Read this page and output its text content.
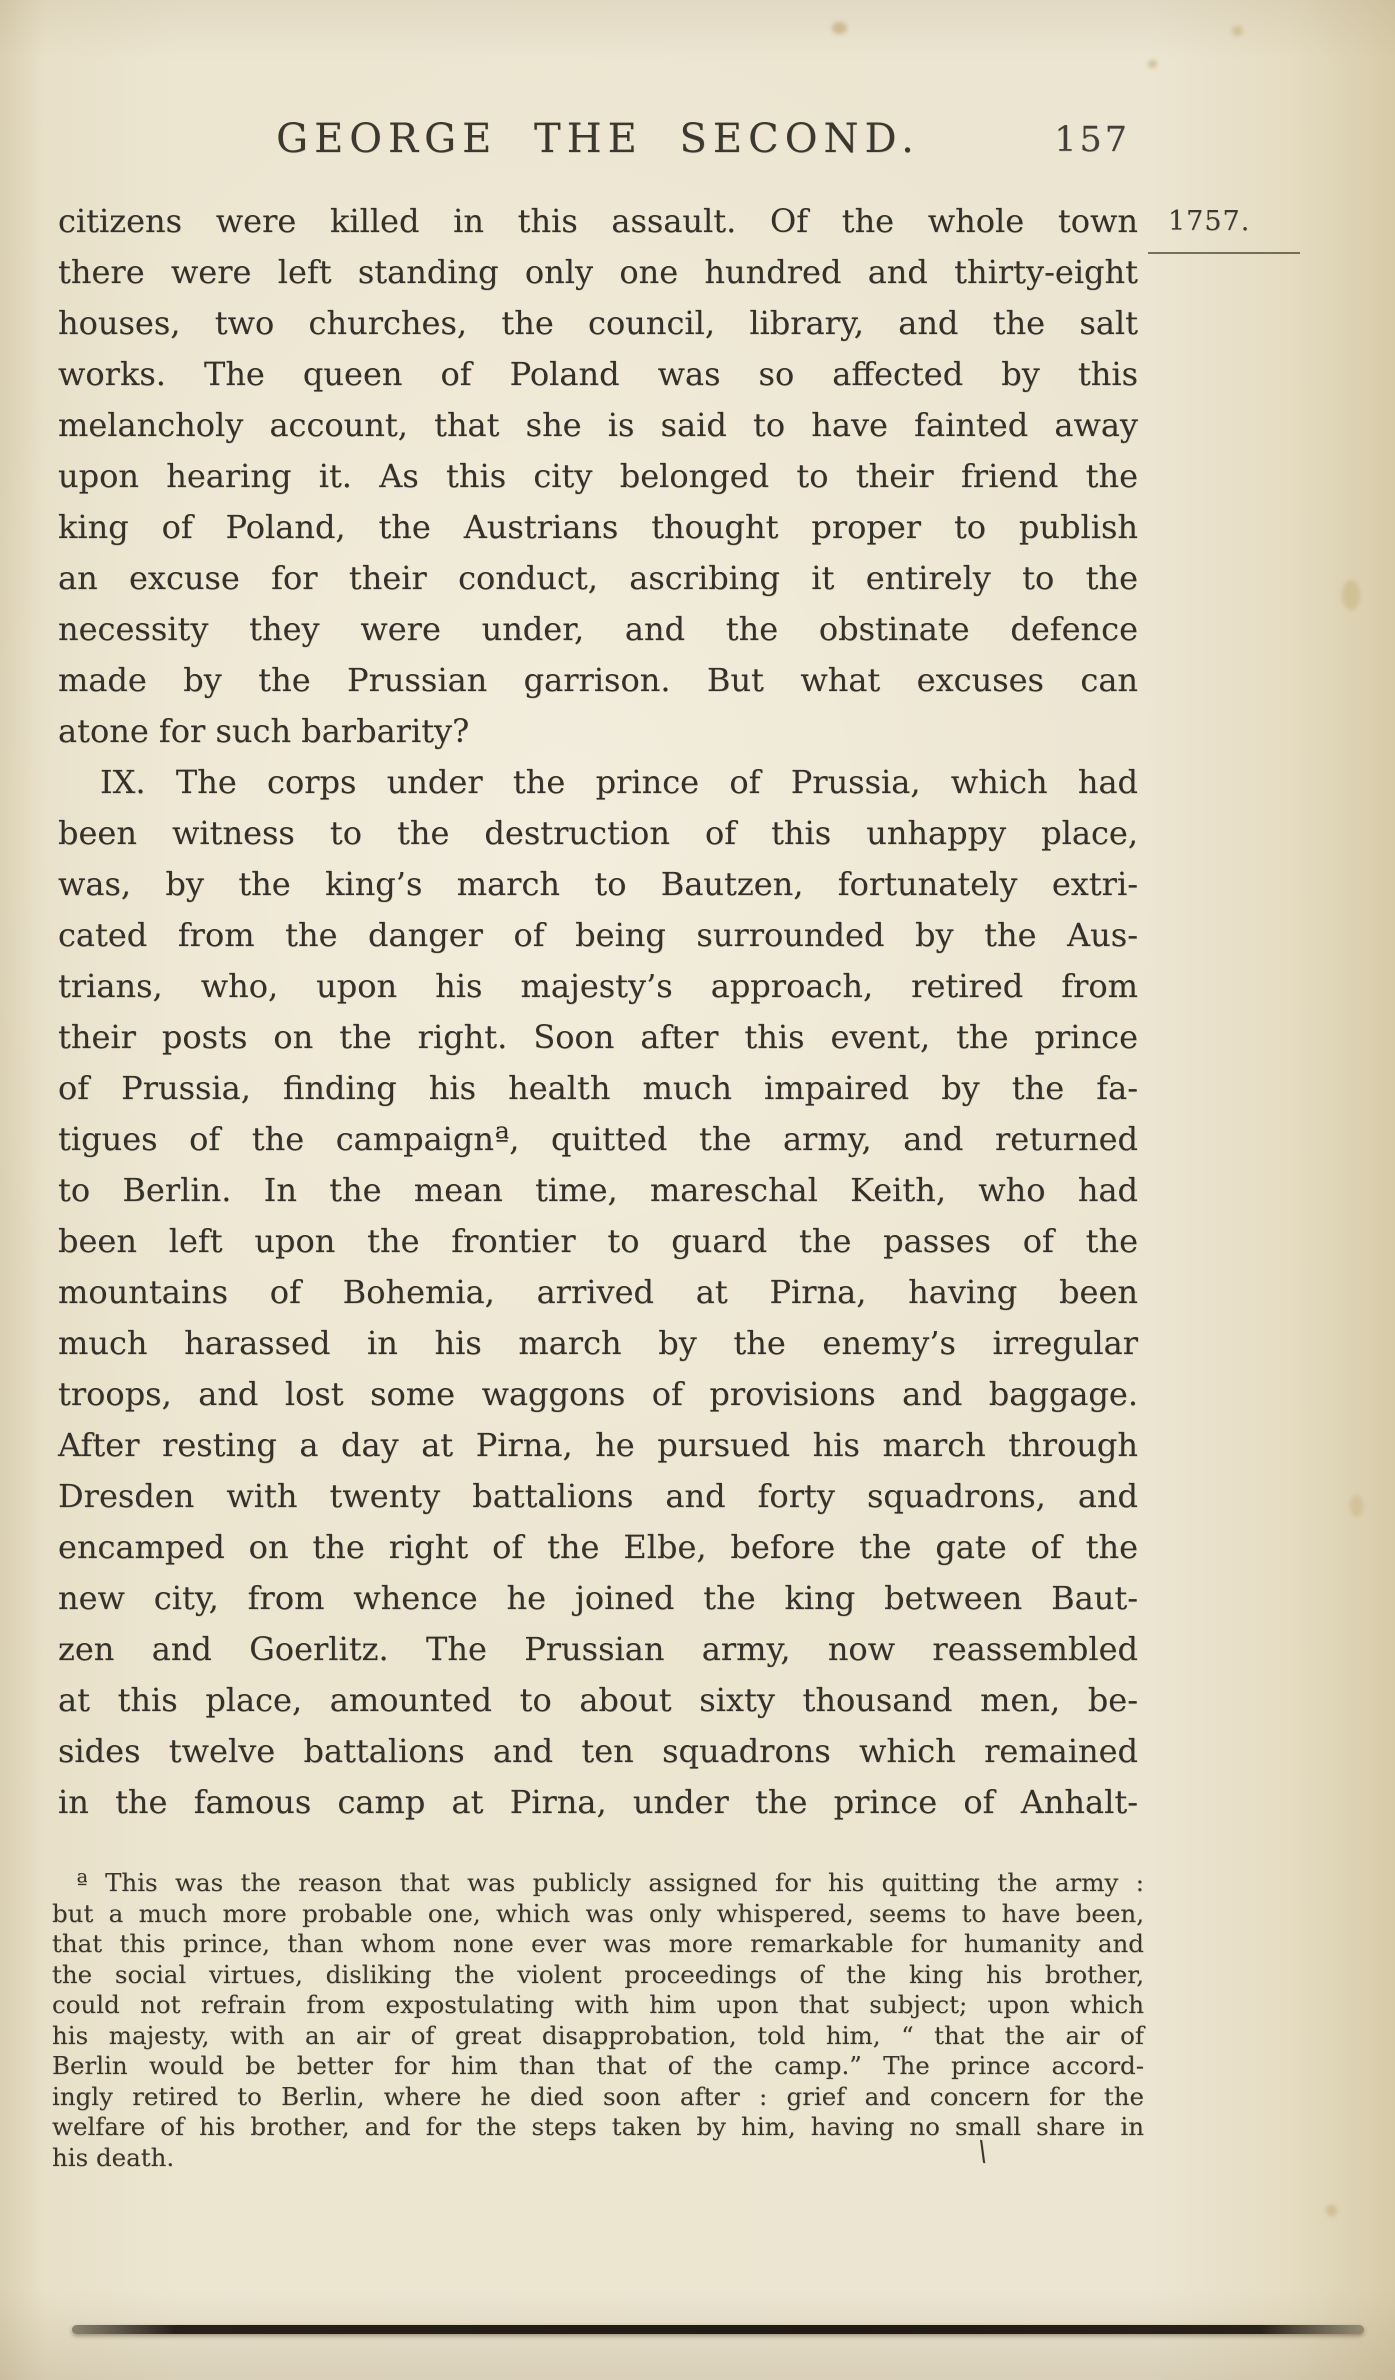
GEORGE THE SECOND.	157
1757.
citizens were killed in this assault. Of the whole town
there were left standing only one hundred and thirty-eight
houses, two churches, the council, library, and the salt
works. The queen of Poland was so affected by this
melancholy account, that she is said to have fainted away
upon hearing it. As this city belonged to their friend the
king of Poland, the Austrians thought proper to publish
an excuse for their conduct, ascribing it entirely to the
necessity they were under, and the obstinate defence
made by the Prussian garrison. But what excuses can
atone for such barbarity?
IX. The corps under the prince of Prussia, which had
been witness to the destruction of this unhappy place,
was, by the king’s march to Bautzen, fortunately extri-
cated from the danger of being surrounded by the Aus-
trians, who, upon his majesty’s approach, retired from
their posts on the right. Soon after this event, the prince
of Prussia, finding his health much impaired by the fa-
tigues of the campaignª, quitted the army, and returned
to Berlin. In the mean time, mareschal Keith, who had
been left upon the frontier to guard the passes of the
mountains of Bohemia, arrived at Pirna, having been
much harassed in his march by the enemy’s irregular
troops, and lost some waggons of provisions and baggage.
After resting a day at Pirna, he pursued his march through
Dresden with twenty battalions and forty squadrons, and
encamped on the right of the Elbe, before the gate of the
new city, from whence he joined the king between Baut-
zen and Goerlitz. The Prussian army, now reassembled
at this place, amounted to about sixty thousand men, be-
sides twelve battalions and ten squadrons which remained
in the famous camp at Pirna, under the prince of Anhalt-
ª This was the reason that was publicly assigned for his quitting the army :
but a much more probable one, which was only whispered, seems to have been,
that this prince, than whom none ever was more remarkable for humanity and
the social virtues, disliking the violent proceedings of the king his brother,
could not refrain from expostulating with him upon that subject; upon which
his majesty, with an air of great disapprobation, told him, “ that the air of
Berlin would be better for him than that of the camp.” The prince accord-
ingly retired to Berlin, where he died soon after : grief and concern for the
welfare of his brother, and for the steps taken by him, having no small share in
his death.	\
